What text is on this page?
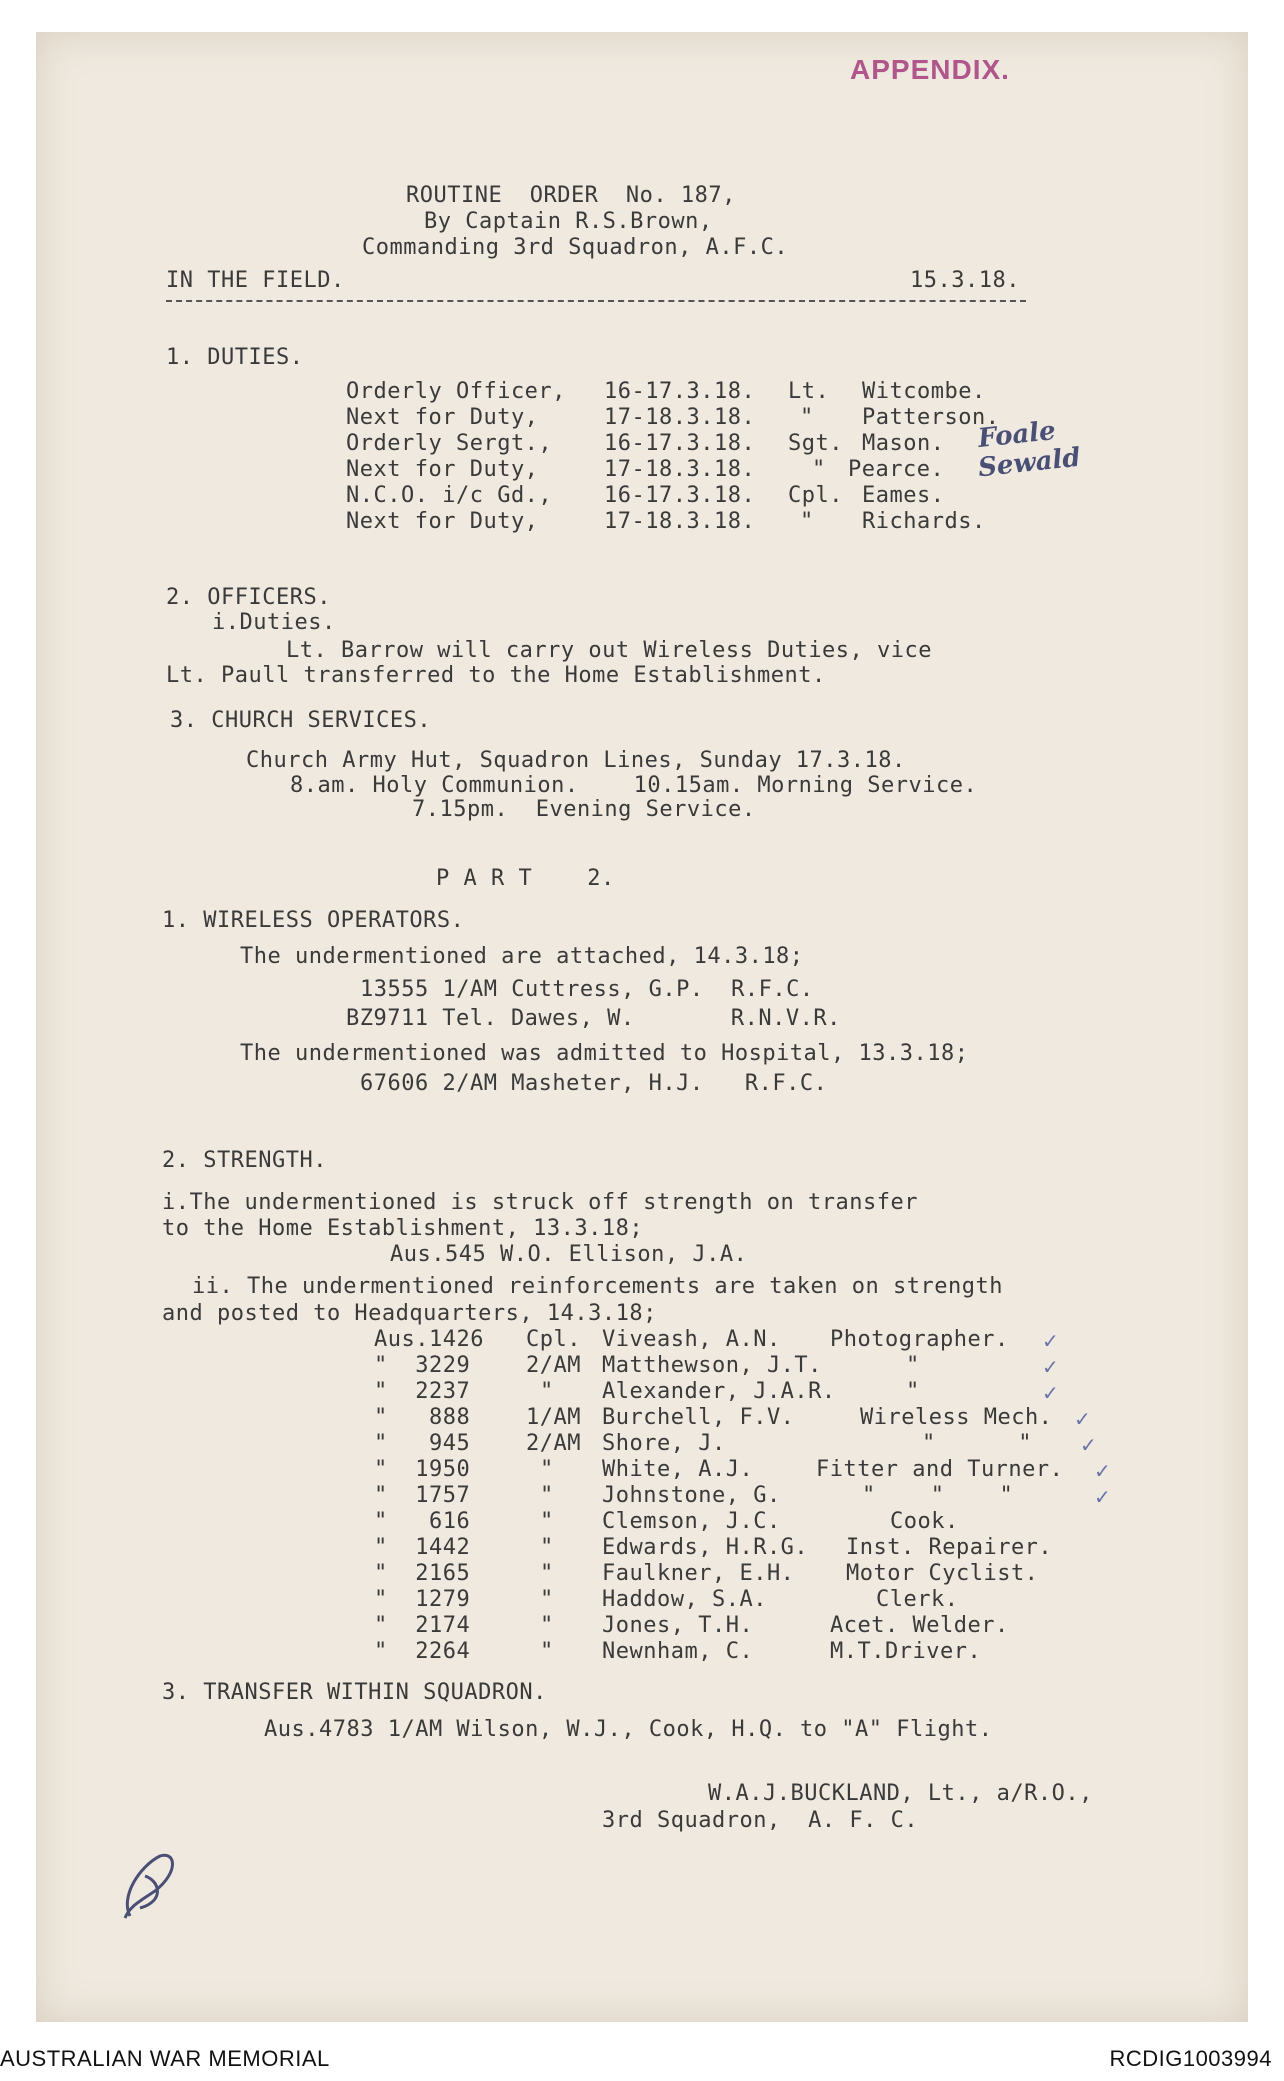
APPENDIX.
ROUTINE  ORDER  No. 187,
By Captain R.S.Brown,
Commanding 3rd Squadron, A.F.C.
IN THE FIELD.	15.3.18.
1. DUTIES.
Orderly Officer, 16-17.3.18. Lt. Witcombe.
Next for Duty,	17-18.3.18. " Patterson.
Orderly Sergt., 16-17.3.18. Sgt. Mason.
Next for Duty,	17-18.3.18.	" Pearce.
N.C.O. i/c Gd., 16-17.3.18. Cpl. Eames.
Next for Duty,	17-18.3.18. " Richards.
Foale
Sewald
2. OFFICERS.
i.Duties.
Lt. Barrow will carry out Wireless Duties, vice
Lt. Paull transferred to the Home Establishment.
3. CHURCH SERVICES.
Church Army Hut, Squadron Lines, Sunday 17.3.18.
8.am. Holy Communion.    10.15am. Morning Service.
7.15pm.  Evening Service.
P A R T    2.
1. WIRELESS OPERATORS.
The undermentioned are attached, 14.3.18;
13555 1/AM Cuttress, G.P.  R.F.C.
BZ9711 Tel. Dawes, W.       R.N.V.R.
The undermentioned was admitted to Hospital, 13.3.18;
67606 2/AM Masheter, H.J.   R.F.C.
2. STRENGTH.
i.The undermentioned is struck off strength on transfer
to the Home Establishment, 13.3.18;
Aus.545 W.O. Ellison, J.A.
ii. The undermentioned reinforcements are taken on strength
and posted to Headquarters, 14.3.18;
Aus.1426 Cpl. Viveash, A.N. Photographer. ✓
"  3229	2/AM Matthewson, J.T.	"	✓
"  2237	" Alexander, J.A.R.	"	✓
"   888	1/AM Burchell, F.V.	Wireless Mech. ✓
"   945	2/AM Shore, J.	"      " ✓
"  1950	" White, A.J.	Fitter and Turner. ✓
"  1757	" Johnstone, G.	"    "    "	✓
"   616	" Clemson, J.C.	Cook.
"  1442	" Edwards, H.R.G. Inst. Repairer.
"  2165	" Faulkner, E.H. Motor Cyclist.
"  1279	" Haddow, S.A.	Clerk.
"  2174	" Jones, T.H.	Acet. Welder.
"  2264	" Newnham, C.	M.T.Driver.
3. TRANSFER WITHIN SQUADRON.
Aus.4783 1/AM Wilson, W.J., Cook, H.Q. to "A" Flight.
W.A.J.BUCKLAND, Lt., a/R.O.,
3rd Squadron,  A. F. C.
AUSTRALIAN WAR MEMORIAL	RCDIG1003994
